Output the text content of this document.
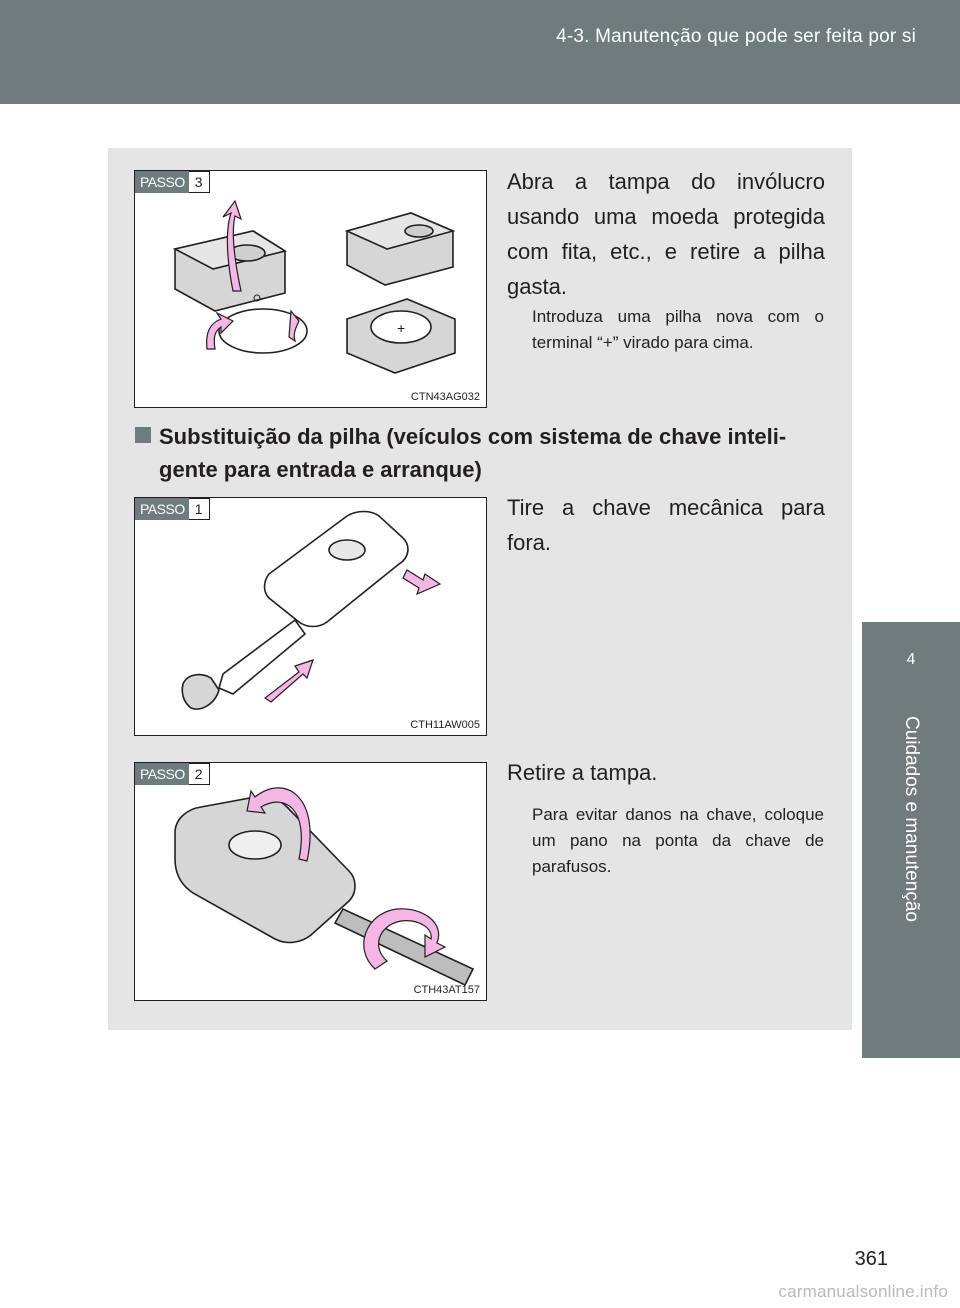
4-3. Manutenção que pode ser feita por si
4
Cuidados e manutenção
+
PASSO 3
CTN43AG032
Abra a tampa do invólucro usando uma moeda protegida com fita, etc., e retire a pilha gasta.
Introduza uma pilha nova com o terminal “+” virado para cima.
Substituição da pilha (veículos com sistema de chave inteli-
gente para entrada e arranque)
PASSO 1
CTH11AW005
Tire a chave mecânica para fora.
PASSO 2
CTH43AT157
Retire a tampa.
Para evitar danos na chave, coloque um pano na ponta da chave de parafusos.
361
carmanualsonline.info
